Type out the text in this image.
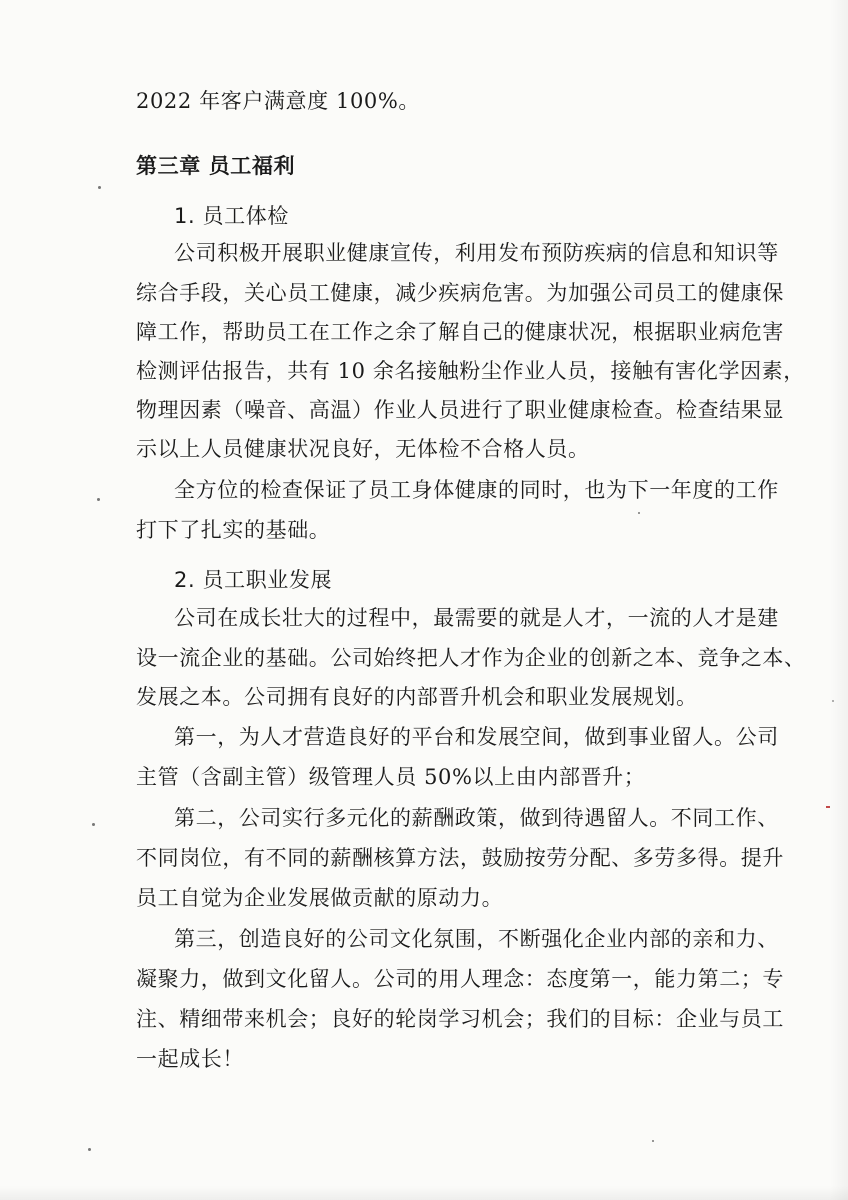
2022 年客户满意度 100%。
第三章 员工福利
1. 员工体检
公司积极开展职业健康宣传，利用发布预防疾病的信息和知识等
综合手段，关心员工健康，减少疾病危害。为加强公司员工的健康保
障工作，帮助员工在工作之余了解自己的健康状况，根据职业病危害
检测评估报告，共有 10 余名接触粉尘作业人员，接触有害化学因素，
物理因素（噪音、高温）作业人员进行了职业健康检查。检查结果显
示以上人员健康状况良好，无体检不合格人员。
全方位的检查保证了员工身体健康的同时，也为下一年度的工作
打下了扎实的基础。
2. 员工职业发展
公司在成长壮大的过程中，最需要的就是人才，一流的人才是建
设一流企业的基础。公司始终把人才作为企业的创新之本、竞争之本、
发展之本。公司拥有良好的内部晋升机会和职业发展规划。
第一，为人才营造良好的平台和发展空间，做到事业留人。公司
主管（含副主管）级管理人员 50%以上由内部晋升；
第二，公司实行多元化的薪酬政策，做到待遇留人。不同工作、
不同岗位，有不同的薪酬核算方法，鼓励按劳分配、多劳多得。提升
员工自觉为企业发展做贡献的原动力。
第三，创造良好的公司文化氛围，不断强化企业内部的亲和力、
凝聚力，做到文化留人。公司的用人理念：态度第一，能力第二；专
注、精细带来机会；良好的轮岗学习机会；我们的目标：企业与员工
一起成长！
